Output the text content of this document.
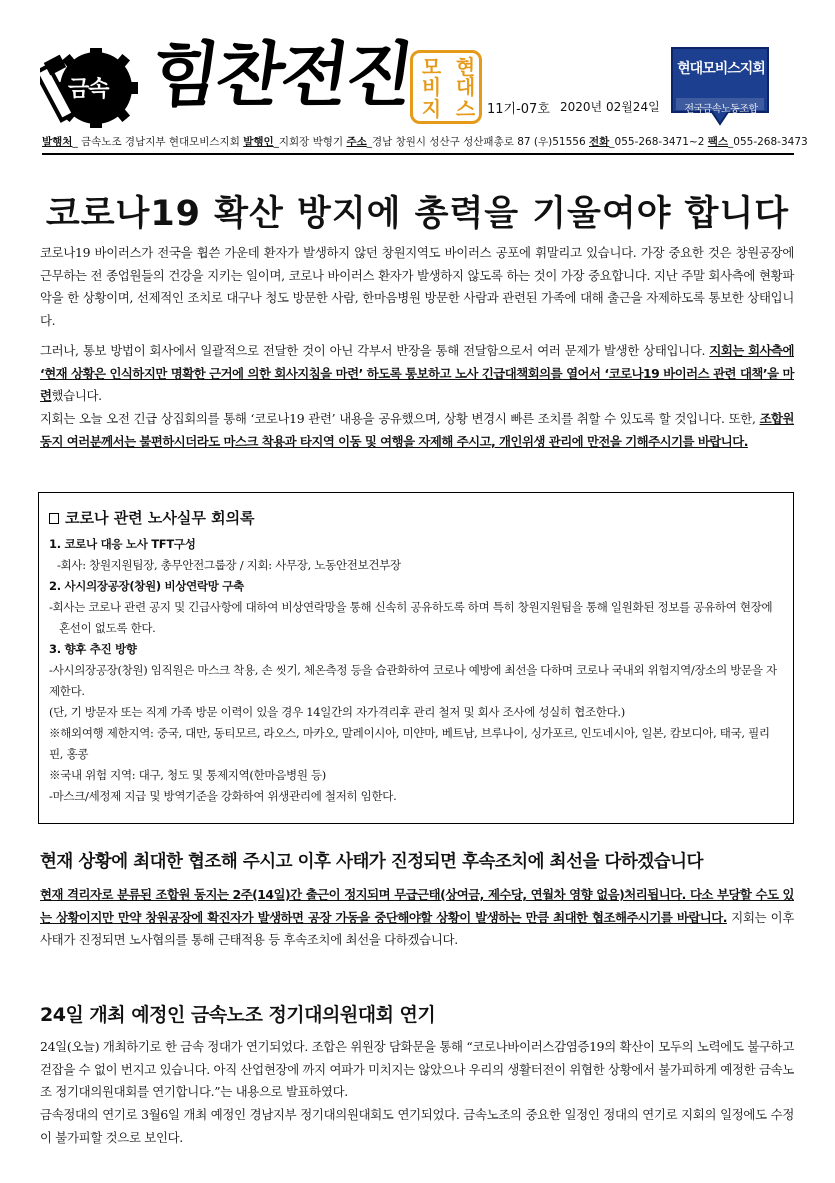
금속 힘찬전진	현
대
모
비
스
지	11기-07호 2020년 02월24일
현대모비스지회
전국금속노동조합
발행처_ 금속노조 경남지부 현대모비스지회 발행인_지회장 박형기 주소_경남 창원시 성산구 성산패총로 87 (우)51556 전화_055-268-3471~2 팩스_055-268-3473
코로나19 확산 방지에 총력을 기울여야 합니다
코로나19 바이러스가 전국을 휩쓴 가운데 환자가 발생하지 않던 창원지역도 바이러스 공포에 휘말리고 있습니다. 가장 중요한 것은 창원공장에 근무하는 전 종업원들의 건강을 지키는 일이며, 코로나 바이러스 환자가 발생하지 않도록 하는 것이 가장 중요합니다. 지난 주말 회사측에 현황파악을 한 상황이며, 선제적인 조치로 대구나 청도 방문한 사람, 한마음병원 방문한 사람과 관련된 가족에 대해 출근을 자제하도록 통보한 상태입니다.
그러나, 통보 방법이 회사에서 일괄적으로 전달한 것이 아닌 각부서 반장을 통해 전달함으로서 여러 문제가 발생한 상태입니다. 지회는 회사측에 ‘현재 상황은 인식하지만 명확한 근거에 의한 회사지침을 마련’ 하도록 통보하고 노사 긴급대책회의를 열어서 ‘코로나19 바이러스 관련 대책’을 마련했습니다.
지회는 오늘 오전 긴급 상집회의를 통해 ‘코로나19 관련’ 내용을 공유했으며, 상황 변경시 빠른 조치를 취할 수 있도록 할 것입니다. 또한, 조합원 동지 여러분께서는 불편하시더라도 마스크 착용과 타지역 이동 및 여행을 자제해 주시고, 개인위생 관리에 만전을 기해주시기를 바랍니다.
코로나 관련 노사실무 회의록
1. 코로나 대응 노사 TFT구성
-회사: 창원지원팀장, 총무안전그룹장 / 지회: 사무장, 노동안전보건부장
2. 사시의장공장(창원) 비상연락망 구축
-회사는 코로나 관련 공지 및 긴급사항에 대하여 비상연락망을 통해 신속히 공유하도록 하며 특히 창원지원팀을 통해 일원화된 정보를 공유하여 현장에 혼선이 없도록 한다.
3. 향후 추진 방향
-사시의장공장(창원) 임직원은 마스크 착용, 손 씻기, 체온측정 등을 습관화하여 코로나 예방에 최선을 다하며 코로나 국내외 위험지역/장소의 방문을 자제한다.
(단, 기 방문자 또는 직계 가족 방문 이력이 있을 경우 14일간의 자가격리후 관리 철저 및 회사 조사에 성실히 협조한다.)
※해외여행 제한지역: 중국, 대만, 동티모르, 라오스, 마카오, 말레이시아, 미얀마, 베트남, 브루나이, 싱가포르, 인도네시아, 일본, 캄보디아, 태국, 필리핀, 홍콩
※국내 위험 지역: 대구, 청도 및 통제지역(한마음병원 등)
-마스크/세정제 지급 및 방역기준을 강화하여 위생관리에 철저히 임한다.
현재 상황에 최대한 협조해 주시고 이후 사태가 진정되면 후속조치에 최선을 다하겠습니다
현재 격리자로 분류된 조합원 동지는 2주(14일)간 출근이 정지되며 무급근태(상여금, 제수당, 연월차 영향 없음)처리됩니다. 다소 부당할 수도 있는 상황이지만 만약 창원공장에 확진자가 발생하면 공장 가동을 중단해야할 상황이 발생하는 만큼 최대한 협조해주시기를 바랍니다. 지회는 이후 사태가 진정되면 노사협의를 통해 근태적용 등 후속조치에 최선을 다하겠습니다.
24일 개최 예정인 금속노조 정기대의원대회 연기
24일(오늘) 개최하기로 한 금속 정대가 연기되었다. 조합은 위원장 담화문을 통해 “코로나바이러스감염증19의 확산이 모두의 노력에도 불구하고 걷잡을 수 없이 번지고 있습니다. 아직 산업현장에 까지 여파가 미치지는 않았으나 우리의 생활터전이 위협한 상황에서 불가피하게 예정한 금속노조 정기대의원대회를 연기합니다.”는 내용으로 발표하였다.
금속정대의 연기로 3월6일 개최 예정인 경남지부 정기대의원대회도 연기되었다. 금속노조의 중요한 일정인 정대의 연기로 지회의 일정에도 수정이 불가피할 것으로 보인다.
